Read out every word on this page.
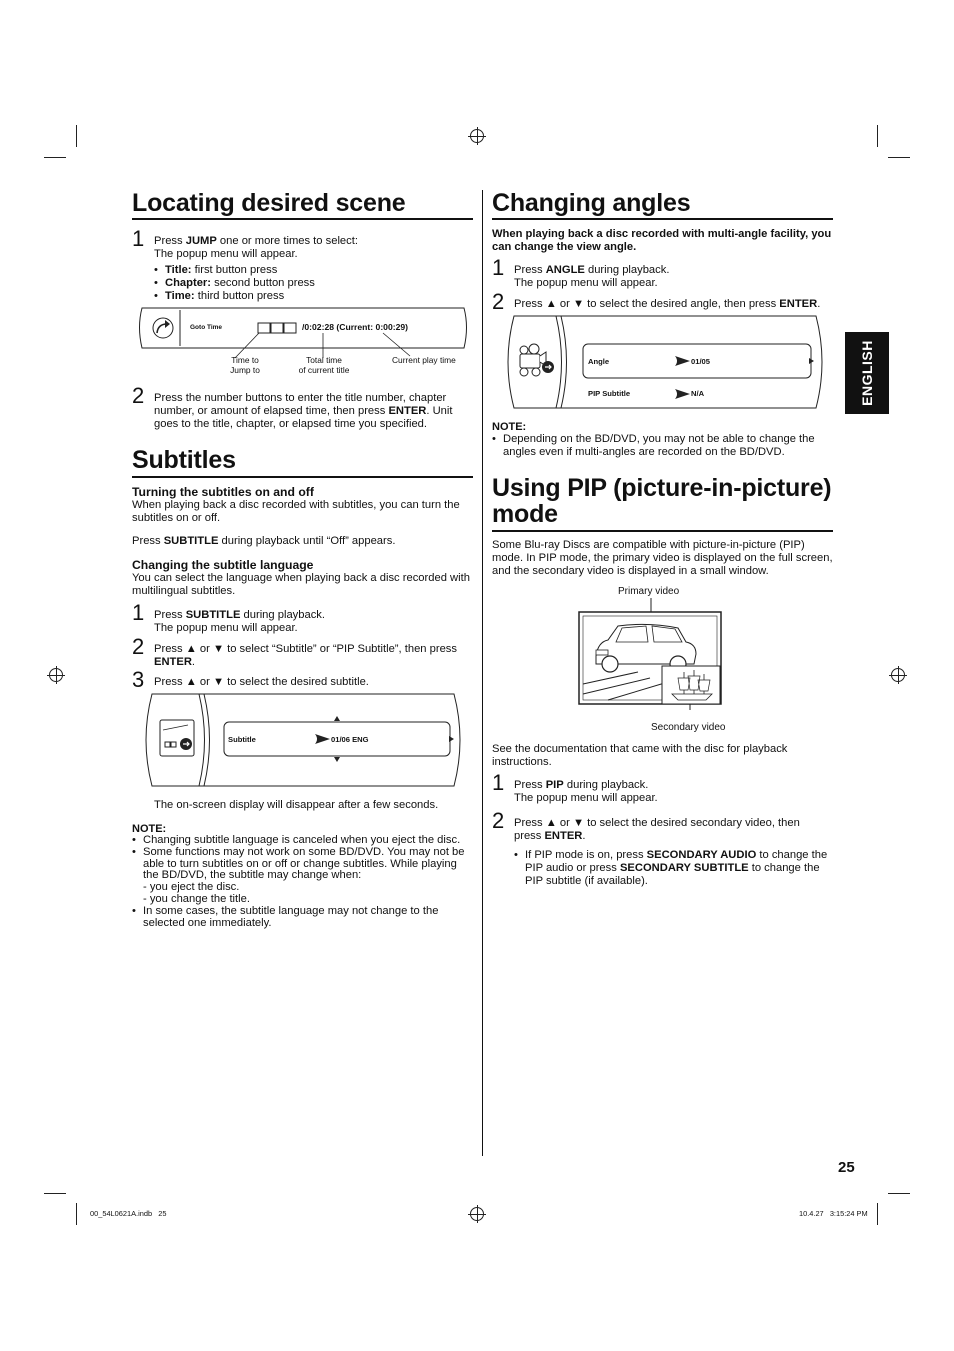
Locating desired scene
1 Press JUMP one or more times to select:
The popup menu will appear.
• Title: first button press
• Chapter: second button press
• Time: third button press
Goto Time	/0:02:28 (Current: 0:00:29)
Time to
Jump to
Total time
of current title
Current play time
2 Press the number buttons to enter the title number, chapter number, or amount of elapsed time, then press ENTER. Unit goes to the title, chapter, or elapsed time you specified.
Subtitles
Turning the subtitles on and off
When playing back a disc recorded with subtitles, you can turn the subtitles on or off.
Press SUBTITLE during playback until “Off” appears.
Changing the subtitle language
You can select the language when playing back a disc recorded with multilingual subtitles.
1 Press SUBTITLE during playback.
The popup menu will appear.
2 Press ▲ or ▼ to select “Subtitle” or “PIP Subtitle”, then press ENTER.
3 Press ▲ or ▼ to select the desired subtitle.
Subtitle	01/06 ENG
The on-screen display will disappear after a few seconds.
NOTE:
• Changing subtitle language is canceled when you eject the disc.
• Some functions may not work on some BD/DVD. You may not be able to turn subtitles on or off or change subtitles. While playing the BD/DVD, the subtitle may change when:
- you eject the disc.
- you change the title.
• In some cases, the subtitle language may not change to the selected one immediately.
Changing angles
When playing back a disc recorded with multi-angle facility, you can change the view angle.
1 Press ANGLE during playback.
The popup menu will appear.
2 Press ▲ or ▼ to select the desired angle, then press ENTER.
Angle	01/05
PIP Subtitle	N/A
NOTE:
• Depending on the BD/DVD, you may not be able to change the angles even if multi-angles are recorded on the BD/DVD.
Using PIP (picture-in-picture)
mode
Some Blu-ray Discs are compatible with picture-in-picture (PIP) mode. In PIP mode, the primary video is displayed on the full screen, and the secondary video is displayed in a small window.
Primary video
Secondary video
See the documentation that came with the disc for playback instructions.
1 Press PIP during playback.
The popup menu will appear.
2 Press ▲ or ▼ to select the desired secondary video, then press ENTER.
• If PIP mode is on, press SECONDARY AUDIO to change the PIP audio or press SECONDARY SUBTITLE to change the PIP subtitle (if available).
ENGLISH
25
00_54L0621A.indb   25	10.4.27   3:15:24 PM
